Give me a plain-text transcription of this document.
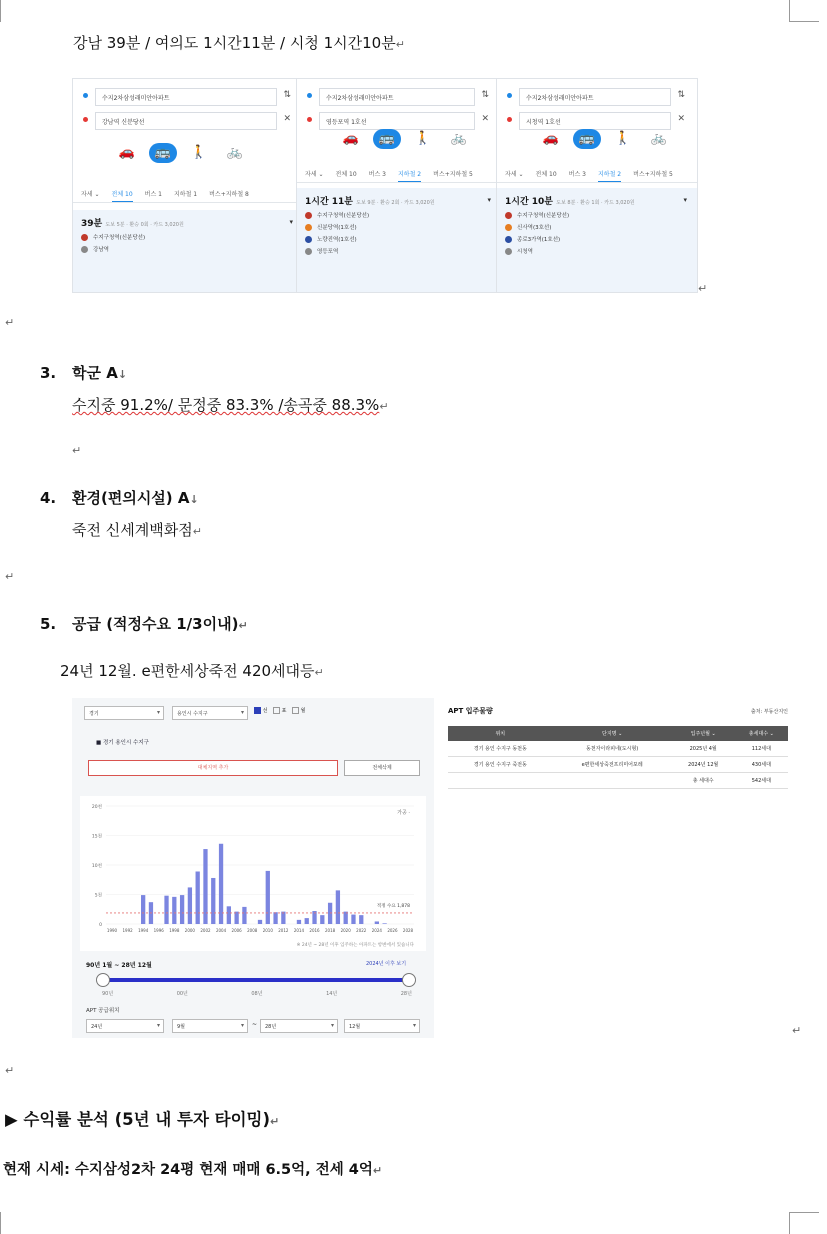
강남 39분 / 여의도 1시간11분 / 시청 1시간10분↵
수지2차삼성래미안아파트
강남역 신분당선
⇅
✕
🚗 🚌 🚶 🚲
자세 ⌄ 전체 10 버스 1 지하철 1 버스+지하철 8
39분 도보 5분 · 환승 0회 · 카드 3,020원	▾
수지구청역(신분당선)
강남역
수지2차삼성래미안아파트
영등포역 1호선
⇅
✕
🚗 🚌 🚶 🚲
자세 ⌄ 전체 10 버스 3 지하철 2 버스+지하철 5
1시간 11분 도보 9분 · 환승 2회 · 카드 3,020원	▾
수지구청역(신분당선)
신분당역(1호선)
노량진역(1호선)
영등포역
수지2차삼성래미안아파트
시청역 1호선
⇅
✕
🚗 🚌 🚶 🚲
자세 ⌄ 전체 10 버스 3 지하철 2 버스+지하철 5
1시간 10분 도보 8분 · 환승 1회 · 카드 3,020원	▾
수지구청역(신분당선)
신사역(3호선)
종로3가역(1호선)
시청역
↵
↵
3. 학군 A↓
수지중 91.2%/ 문정중 83.3% /송곡중 88.3%↵
↵
4. 환경(편의시설) A↓
죽전 신세계백화점↵
↵
5. 공급 (적정수요 1/3이내)↵
24년 12월. e편한세상죽전 420세대등↵
경기 ▾	용인시 수지구 ▾	선	표	월
■ 경기 용인시 수지구
대체지역 추가	전체삭제
20천
15천
10천
5천
0
가공 ·
적정 수요 1,878
1990 1992 1994 1996 1998 2000 2002 2004 2006 2008 2010 2012 2014 2016 2018 2020 2022 2024 2026 2028
※ 24년 ~ 28년 이후 입주하는 아파트는 항변에서 있습니다
90년 1월 ~ 28년 12월	2024년 이후 보기
90년	00년	08년	14년	28년
APT 공급위치
24년 ▾	9월 ▾	~	28년 ▾	12월 ▾
APT 입주물량	출처: 부동산지인
위치	단지명 ⌄	입주년월 ⌄	총세대수 ⌄
경기 용인 수지구 동천동	동천자이라피네(도시형)	2025년 4월	112세대
경기 용인 수지구 죽전동	e편한세상죽전프리미어포레	2024년 12월	430세대
		총 세대수	542세대
↵
↵
▶ 수익률 분석 (5년 내 투자 타이밍)↵
현재 시세: 수지삼성2차 24평 현재 매매 6.5억, 전세 4억↵
